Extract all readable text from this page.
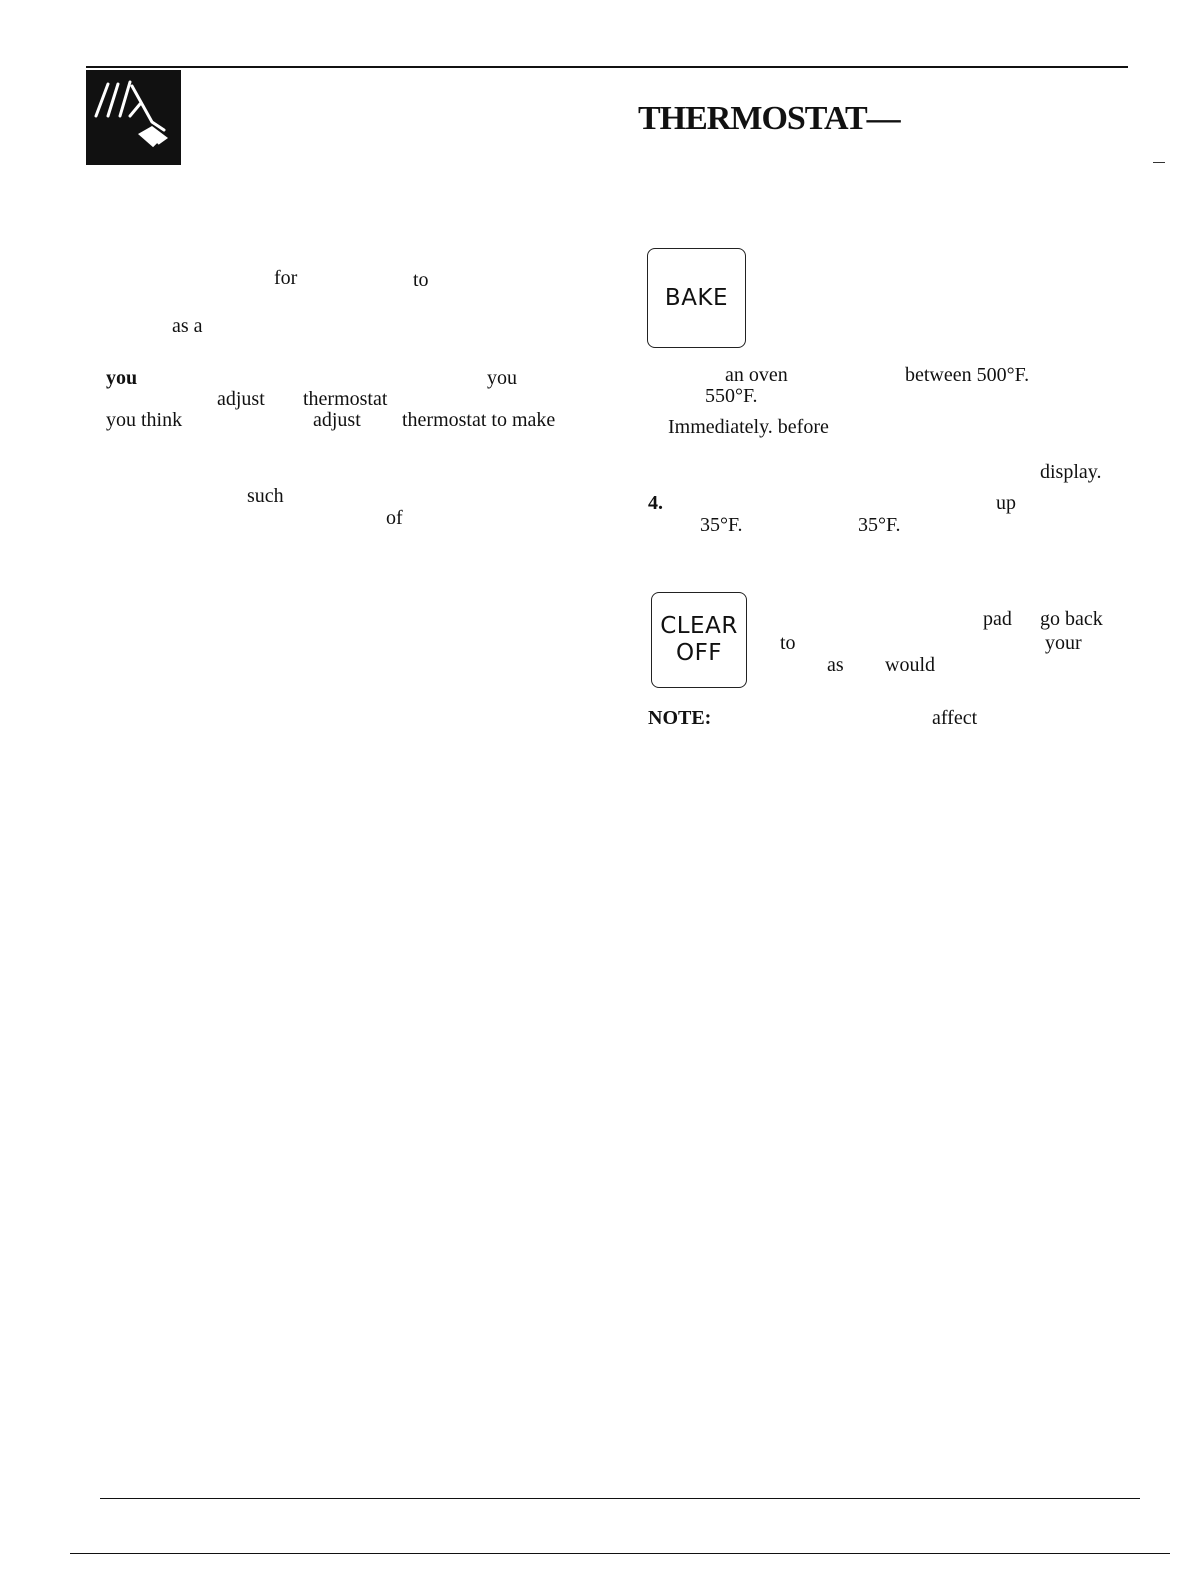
THERMOSTAT—
for	to
as a
you	you
adjust thermostat
you think	adjust thermostat to make
such
of
BAKE
an oven	between 500°F.
550°F.
Immediately. before
display.
4.	up
35°F.	35°F.
CLEAR
OFF
pad go back
to	your
as would
NOTE:	affect
